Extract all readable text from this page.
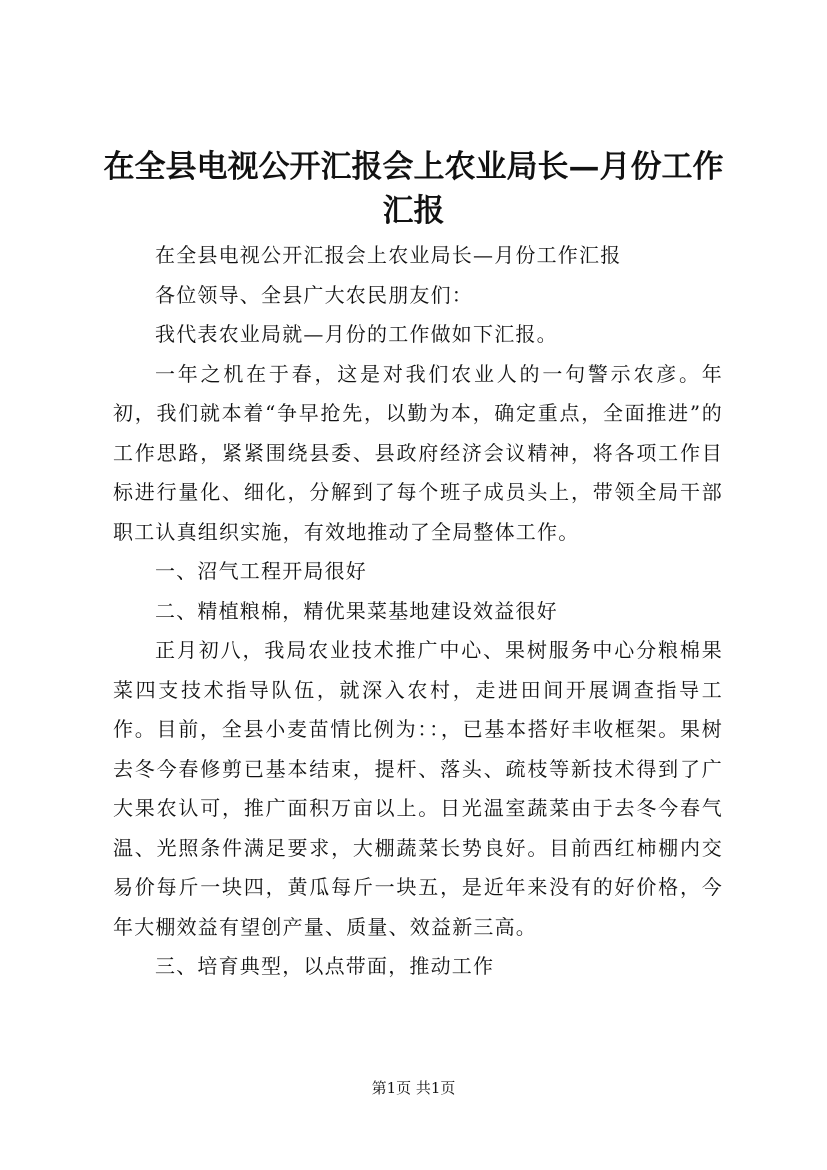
在全县电视公开汇报会上农业局长—月份工作汇报

在全县电视公开汇报会上农业局长—月份工作汇报

各位领导、全县广大农民朋友们：

我代表农业局就—月份的工作做如下汇报。

一年之机在于春，这是对我们农业人的一句警示农彦。年初，我们就本着“争早抢先，以勤为本，确定重点，全面推进”的工作思路，紧紧围绕县委、县政府经济会议精神，将各项工作目标进行量化、细化，分解到了每个班子成员头上，带领全局干部职工认真组织实施，有效地推动了全局整体工作。

一、沼气工程开局很好

二、精植粮棉，精优果菜基地建设效益很好

正月初八，我局农业技术推广中心、果树服务中心分粮棉果菜四支技术指导队伍，就深入农村，走进田间开展调查指导工作。目前，全县小麦苗情比例为：：，已基本搭好丰收框架。果树去冬今春修剪已基本结束，提杆、落头、疏枝等新技术得到了广大果农认可，推广面积万亩以上。日光温室蔬菜由于去冬今春气温、光照条件满足要求，大棚蔬菜长势良好。目前西红柿棚内交易价每斤一块四，黄瓜每斤一块五，是近年来没有的好价格，今年大棚效益有望创产量、质量、效益新三高。

三、培育典型，以点带面，推动工作

第1页 共1页
